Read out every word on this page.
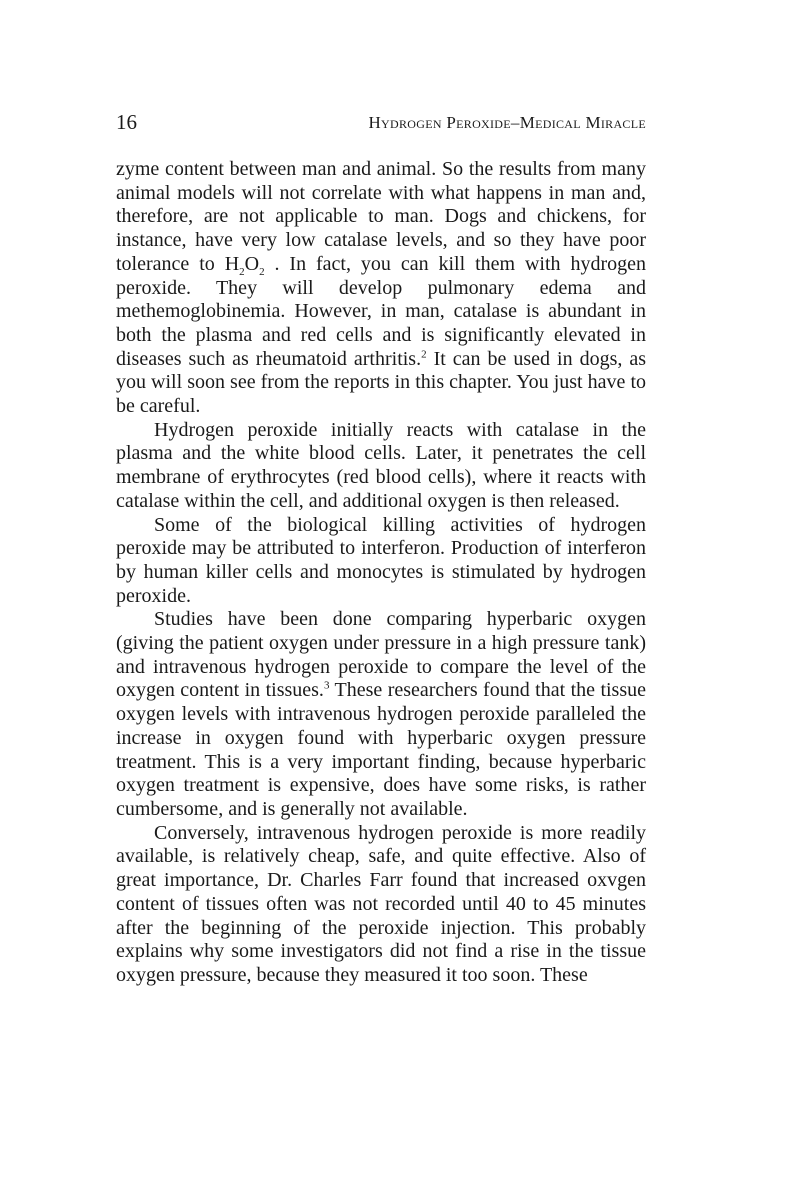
16	Hydrogen Peroxide–Medical Miracle

zyme content between man and animal. So the results from many animal models will not correlate with what happens in man and, therefore, are not applicable to man. Dogs and chickens, for instance, have very low catalase levels, and so they have poor tolerance to $H_2O_2$ . In fact, you can kill them with hydrogen peroxide. They will develop pulmonary edema and methemoglobinemia. However, in man, catalase is abundant in both the plasma and red cells and is significantly elevated in diseases such as rheumatoid arthritis.$^2$ It can be used in dogs, as you will soon see from the reports in this chapter. You just have to be careful.

Hydrogen peroxide initially reacts with catalase in the plasma and the white blood cells. Later, it penetrates the cell membrane of erythrocytes (red blood cells), where it reacts with catalase within the cell, and additional oxygen is then released.

Some of the biological killing activities of hydrogen peroxide may be attributed to interferon. Production of interferon by human killer cells and monocytes is stimulated by hydrogen peroxide.

Studies have been done comparing hyperbaric oxygen (giving the patient oxygen under pressure in a high pressure tank) and intravenous hydrogen peroxide to compare the level of the oxygen content in tissues.$^3$ These researchers found that the tissue oxygen levels with intravenous hydrogen peroxide paralleled the increase in oxygen found with hyperbaric oxygen pressure treatment. This is a very important finding, because hyperbaric oxygen treatment is expensive, does have some risks, is rather cumbersome, and is generally not available.

Conversely, intravenous hydrogen peroxide is more readily available, is relatively cheap, safe, and quite effective. Also of great importance, Dr. Charles Farr found that increased oxvgen content of tissues often was not recorded until 40 to 45 minutes after the beginning of the peroxide injection. This probably explains why some investigators did not find a rise in the tissue oxygen pressure, because they measured it too soon. These
